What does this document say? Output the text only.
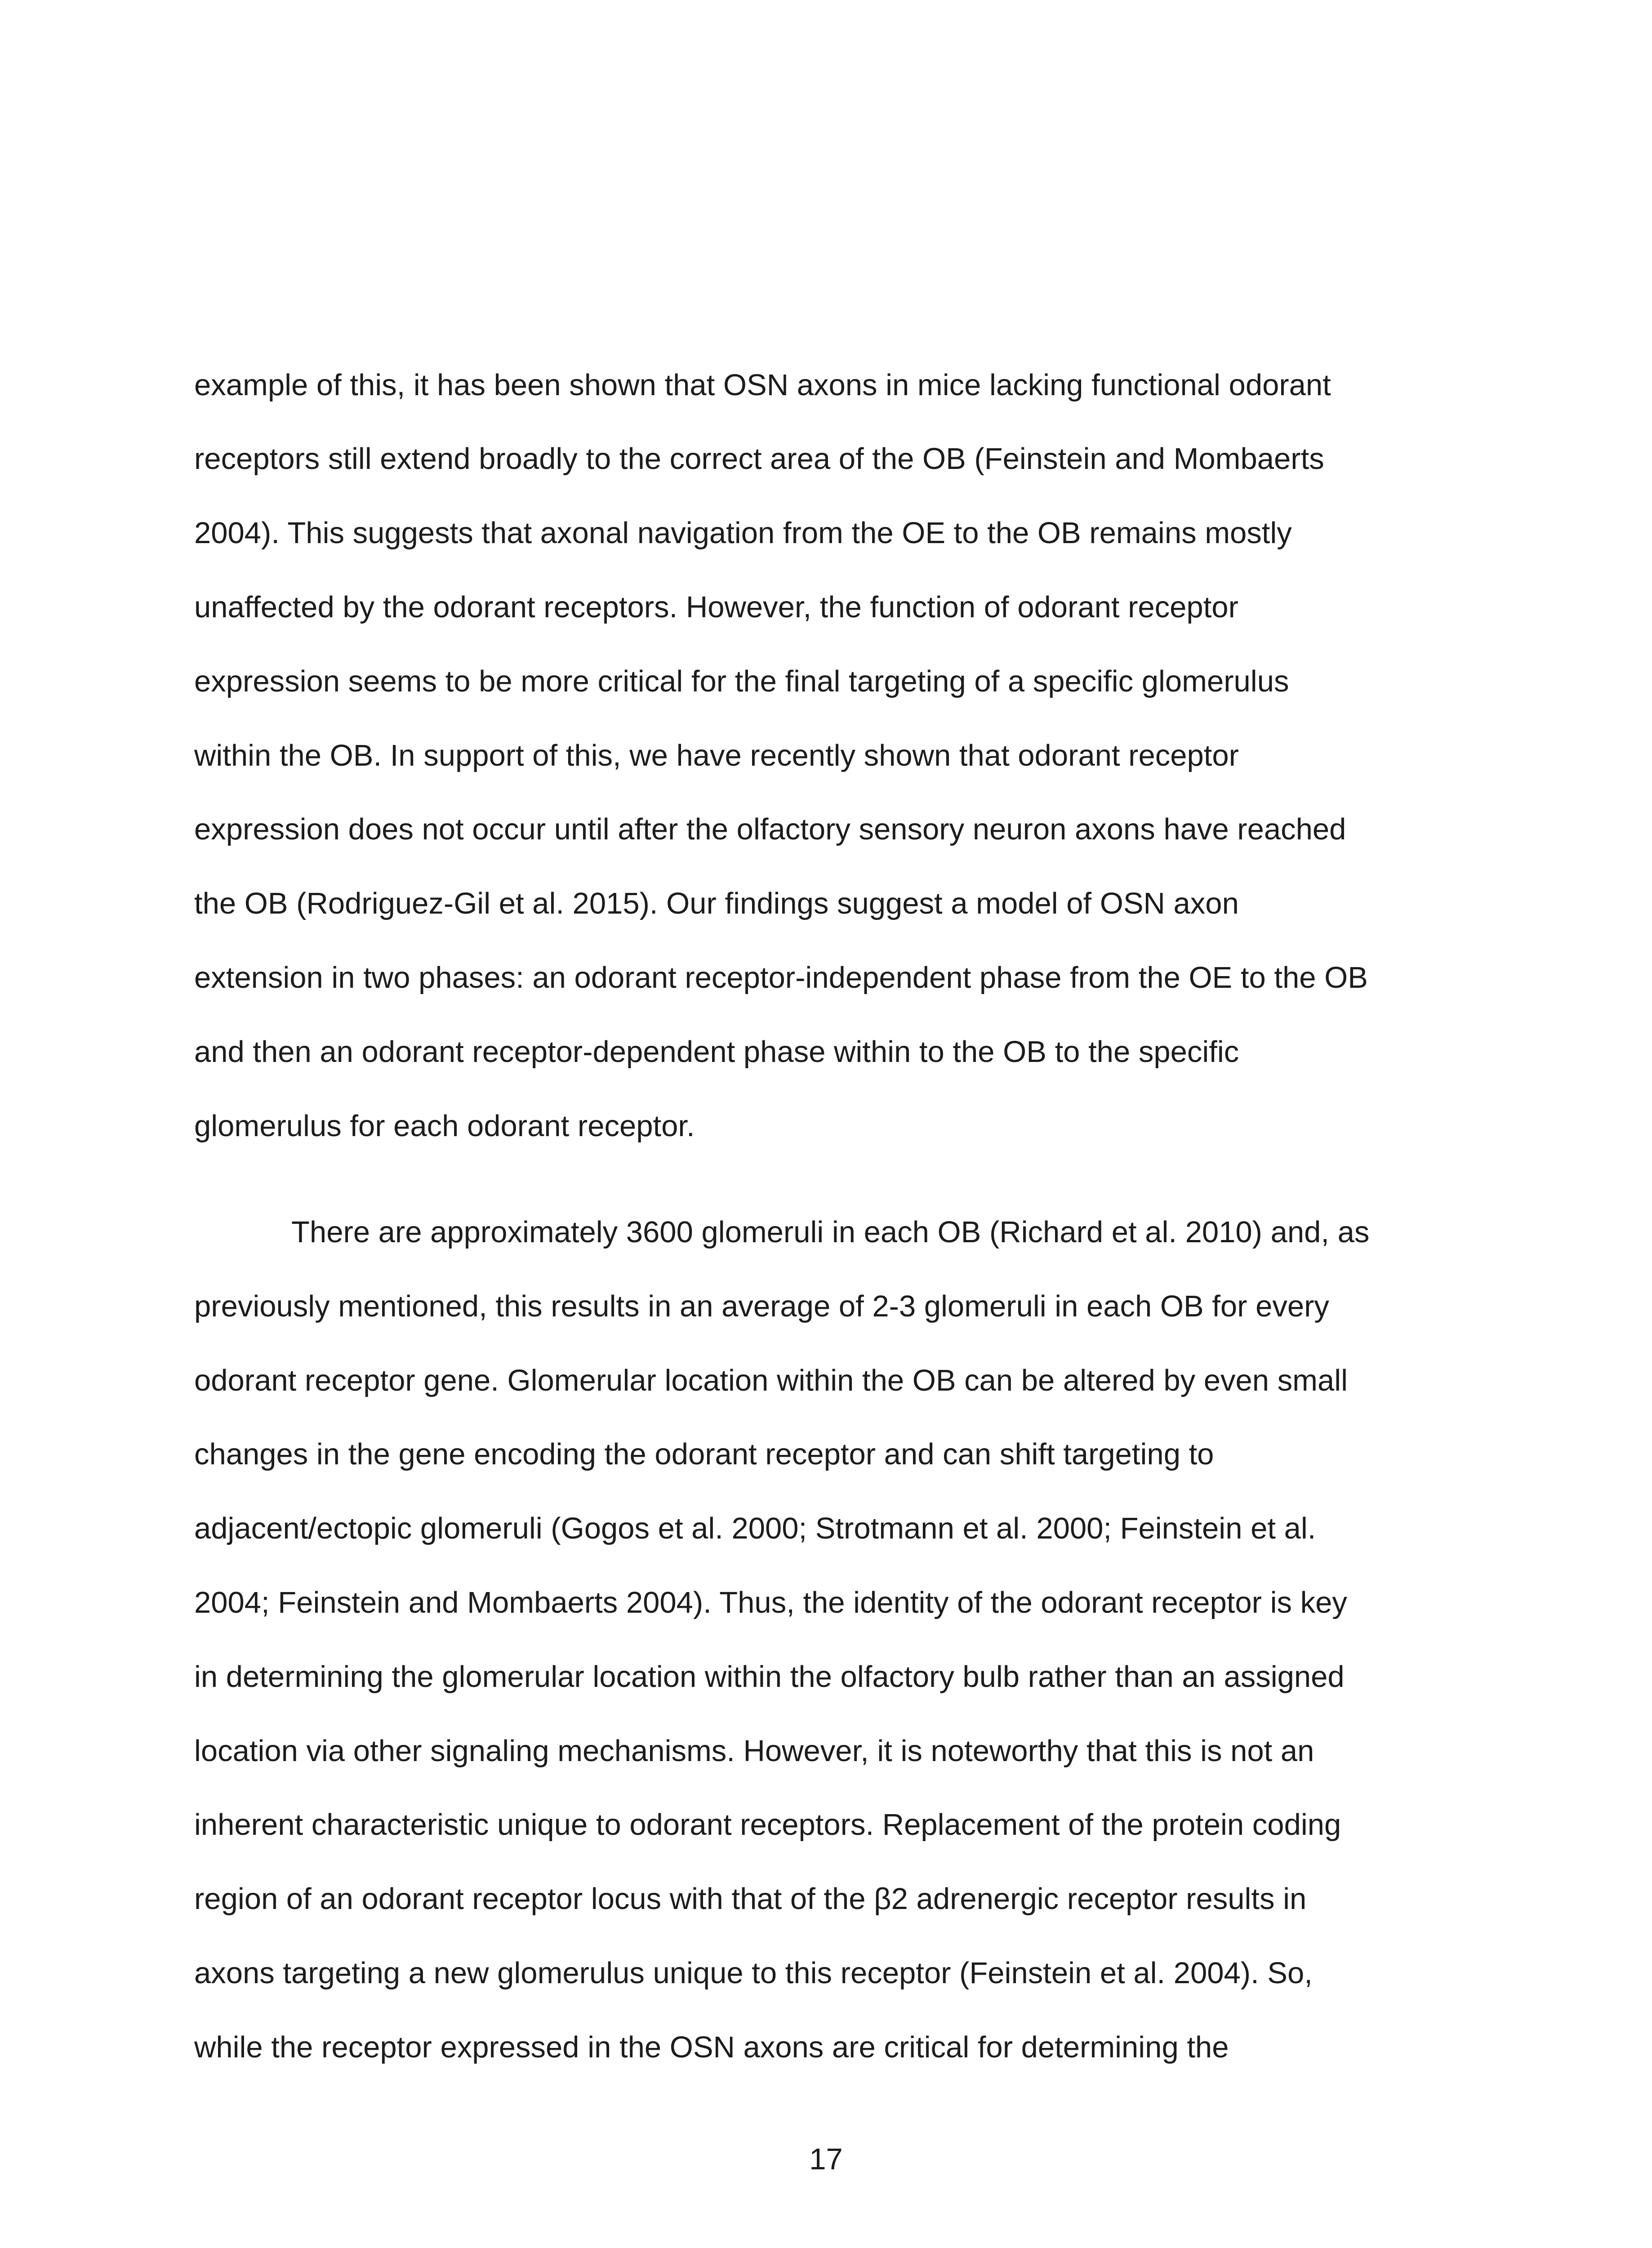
example of this, it has been shown that OSN axons in mice lacking functional odorant
receptors still extend broadly to the correct area of the OB (Feinstein and Mombaerts
2004). This suggests that axonal navigation from the OE to the OB remains mostly
unaffected by the odorant receptors. However, the function of odorant receptor
expression seems to be more critical for the final targeting of a specific glomerulus
within the OB. In support of this, we have recently shown that odorant receptor
expression does not occur until after the olfactory sensory neuron axons have reached
the OB (Rodriguez-Gil et al. 2015). Our findings suggest a model of OSN axon
extension in two phases: an odorant receptor-independent phase from the OE to the OB
and then an odorant receptor-dependent phase within to the OB to the specific
glomerulus for each odorant receptor.
There are approximately 3600 glomeruli in each OB (Richard et al. 2010) and, as
previously mentioned, this results in an average of 2-3 glomeruli in each OB for every
odorant receptor gene. Glomerular location within the OB can be altered by even small
changes in the gene encoding the odorant receptor and can shift targeting to
adjacent/ectopic glomeruli (Gogos et al. 2000; Strotmann et al. 2000; Feinstein et al.
2004; Feinstein and Mombaerts 2004). Thus, the identity of the odorant receptor is key
in determining the glomerular location within the olfactory bulb rather than an assigned
location via other signaling mechanisms. However, it is noteworthy that this is not an
inherent characteristic unique to odorant receptors. Replacement of the protein coding
region of an odorant receptor locus with that of the β2 adrenergic receptor results in
axons targeting a new glomerulus unique to this receptor (Feinstein et al. 2004). So,
while the receptor expressed in the OSN axons are critical for determining the
17
